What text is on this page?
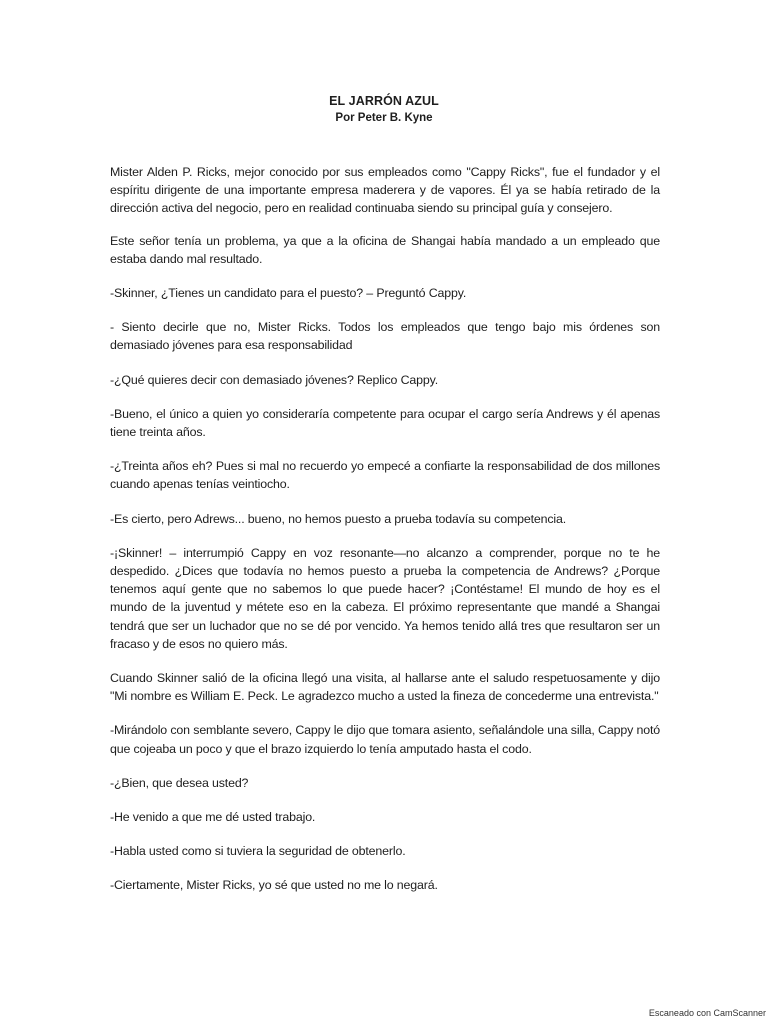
EL JARRÓN AZUL
Por Peter B. Kyne

Mister Alden P. Ricks, mejor conocido por sus empleados como "Cappy Ricks", fue el fundador y el espíritu dirigente de una importante empresa maderera y de vapores. Él ya se había retirado de la dirección activa del negocio, pero en realidad continuaba siendo su principal guía y consejero.

Este señor tenía un problema, ya que a la oficina de Shangai había mandado a un empleado que estaba dando mal resultado.

-Skinner, ¿Tienes un candidato para el puesto? – Preguntó Cappy.

- Siento decirle que no, Mister Ricks. Todos los empleados que tengo bajo mis órdenes son demasiado jóvenes para esa responsabilidad

-¿Qué quieres decir con demasiado jóvenes? Replico Cappy.

-Bueno, el único a quien yo consideraría competente para ocupar el cargo sería Andrews y él apenas tiene treinta años.

-¿Treinta años eh? Pues si mal no recuerdo yo empecé a confiarte la responsabilidad de dos millones cuando apenas tenías veintiocho.

-Es cierto, pero Adrews... bueno, no hemos puesto a prueba todavía su competencia.

-¡Skinner! – interrumpió Cappy en voz resonante—no alcanzo a comprender, porque no te he despedido. ¿Dices que todavía no hemos puesto a prueba la competencia de Andrews? ¿Porque tenemos aquí gente que no sabemos lo que puede hacer? ¡Contéstame! El mundo de hoy es el mundo de la juventud y métete eso en la cabeza. El próximo representante que mandé a Shangai tendrá que ser un luchador que no se dé por vencido. Ya hemos tenido allá tres que resultaron ser un fracaso y de esos no quiero más.

Cuando Skinner salió de la oficina llegó una visita, al hallarse ante el saludo respetuosamente y dijo "Mi nombre es William E. Peck. Le agradezco mucho a usted la fineza de concederme una entrevista."

-Mirándolo con semblante severo, Cappy le dijo que tomara asiento, señalándole una silla, Cappy notó que cojeaba un poco y que el brazo izquierdo lo tenía amputado hasta el codo.

-¿Bien, que desea usted?

-He venido a que me dé usted trabajo.

-Habla usted como si tuviera la seguridad de obtenerlo.

-Ciertamente, Mister Ricks, yo sé que usted no me lo negará.

Escaneado con CamScanner
